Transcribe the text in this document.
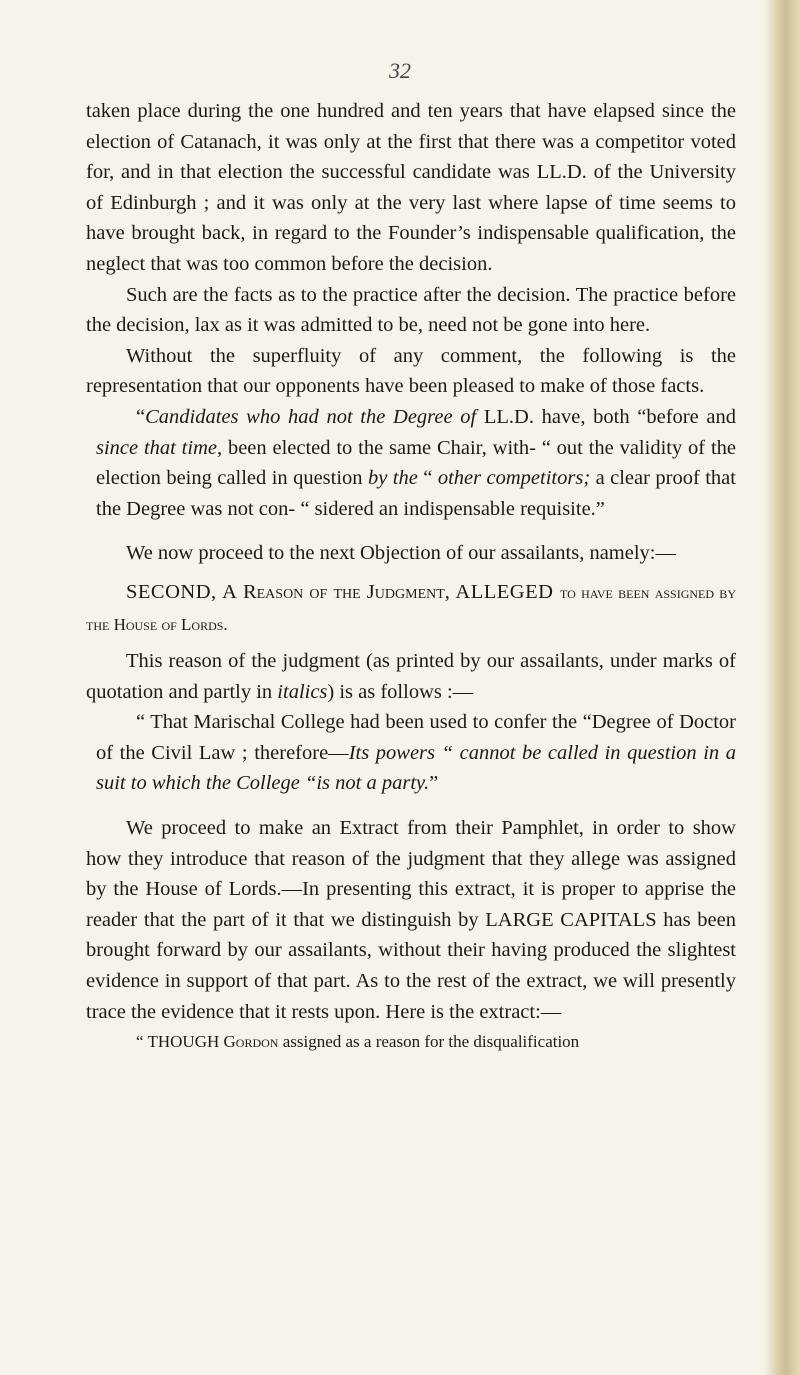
32

taken place during the one hundred and ten years that have elapsed since the election of Catanach, it was only at the first that there was a competitor voted for, and in that election the successful candidate was LL.D. of the University of Edinburgh ; and it was only at the very last where lapse of time seems to have brought back, in regard to the Founder’s indispensable qualification, the neglect that was too common before the decision.

Such are the facts as to the practice after the decision. The practice before the decision, lax as it was admitted to be, need not be gone into here.

Without the superfluity of any comment, the following is the representation that our opponents have been pleased to make of those facts.

“Candidates who had not the Degree of LL.D. have, both “before and since that time, been elected to the same Chair, with- “ out the validity of the election being called in question by the “ other competitors; a clear proof that the Degree was not con- “ sidered an indispensable requisite.”

We now proceed to the next Objection of our assailants, namely:—

SECOND, A Reason of the Judgment, ALLEGED to have been assigned by the House of Lords.

This reason of the judgment (as printed by our assailants, under marks of quotation and partly in italics) is as follows :—

“ That Marischal College had been used to confer the “Degree of Doctor of the Civil Law ; therefore—Its powers “ cannot be called in question in a suit to which the College “is not a party.”

We proceed to make an Extract from their Pamphlet, in order to show how they introduce that reason of the judgment that they allege was assigned by the House of Lords.—In presenting this extract, it is proper to apprise the reader that the part of it that we distinguish by LARGE CAPITALS has been brought forward by our assailants, without their having produced the slightest evidence in support of that part. As to the rest of the extract, we will presently trace the evidence that it rests upon. Here is the extract:—

“ THOUGH Gordon assigned as a reason for the disqualification
